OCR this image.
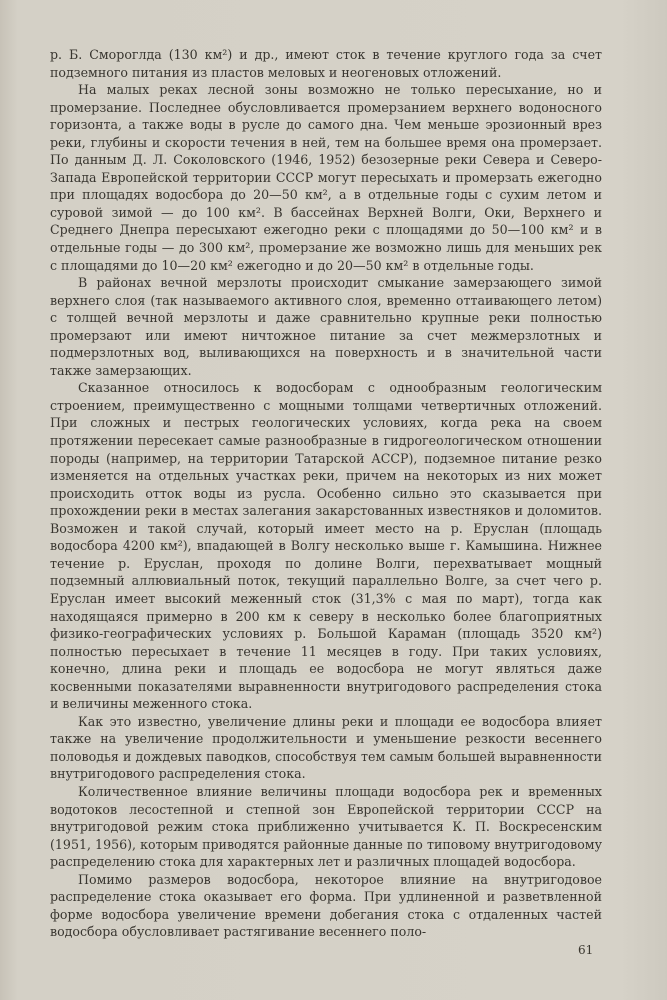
р. Б. Смороглда (130 км²) и др., имеют сток в течение круглого года за счет подземного питания из пластов меловых и неогеновых отложений.

На малых реках лесной зоны возможно не только пересыхание, но и промерзание. Последнее обусловливается промерзанием верхнего водоносного горизонта, а также воды в русле до самого дна. Чем меньше эрозионный врез реки, глубины и скорости течения в ней, тем на большее время она промерзает. По данным Д. Л. Соколовского (1946, 1952) безозерные реки Севера и Северо-Запада Европейской территории СССР могут пересыхать и промерзать ежегодно при площадях водосбора до 20—50 км², а в отдельные годы с сухим летом и суровой зимой — до 100 км². В бассейнах Верхней Волги, Оки, Верхнего и Среднего Днепра пересыхают ежегодно реки с площадями до 50—100 км² и в отдельные годы — до 300 км², промерзание же возможно лишь для меньших рек с площадями до 10—20 км² ежегодно и до 20—50 км² в отдельные годы.

В районах вечной мерзлоты происходит смыкание замерзающего зимой верхнего слоя (так называемого активного слоя, временно оттаивающего летом) с толщей вечной мерзлоты и даже сравнительно крупные реки полностью промерзают или имеют ничтожное питание за счет межмерзлотных и подмерзлотных вод, выливающихся на поверхность и в значительной части также замерзающих.

Сказанное относилось к водосборам с однообразным геологическим строением, преимущественно с мощными толщами четвертичных отложений. При сложных и пестрых геологических условиях, когда река на своем протяжении пересекает самые разнообразные в гидрогеологическом отношении породы (например, на территории Татарской АССР), подземное питание резко изменяется на отдельных участках реки, причем на некоторых из них может происходить отток воды из русла. Особенно сильно это сказывается при прохождении реки в местах залегания закарстованных известняков и доломитов. Возможен и такой случай, который имеет место на р. Еруслан (площадь водосбора 4200 км²), впадающей в Волгу несколько выше г. Камышина. Нижнее течение р. Еруслан, проходя по долине Волги, перехватывает мощный подземный аллювиальный поток, текущий параллельно Волге, за счет чего р. Еруслан имеет высокий меженный сток (31,3% с мая по март), тогда как находящаяся примерно в 200 км к северу в несколько более благоприятных физико-географических условиях р. Большой Караман (площадь 3520 км²) полностью пересыхает в течение 11 месяцев в году. При таких условиях, конечно, длина реки и площадь ее водосбора не могут являться даже косвенными показателями выравненности внутригодового распределения стока и величины меженного стока.

Как это известно, увеличение длины реки и площади ее водосбора влияет также на увеличение продолжительности и уменьшение резкости весеннего половодья и дождевых паводков, способствуя тем самым большей выравненности внутригодового распределения стока.

Количественное влияние величины площади водосбора рек и временных водотоков лесостепной и степной зон Европейской территории СССР на внутригодовой режим стока приближенно учитывается К. П. Воскресенским (1951, 1956), которым приводятся районные данные по типовому внутригодовому распределению стока для характерных лет и различных площадей водосбора.

Помимо размеров водосбора, некоторое влияние на внутригодовое распределение стока оказывает его форма. При удлиненной и разветвленной форме водосбора увеличение времени добегания стока с отдаленных частей водосбора обусловливает растягивание весеннего поло-

61
